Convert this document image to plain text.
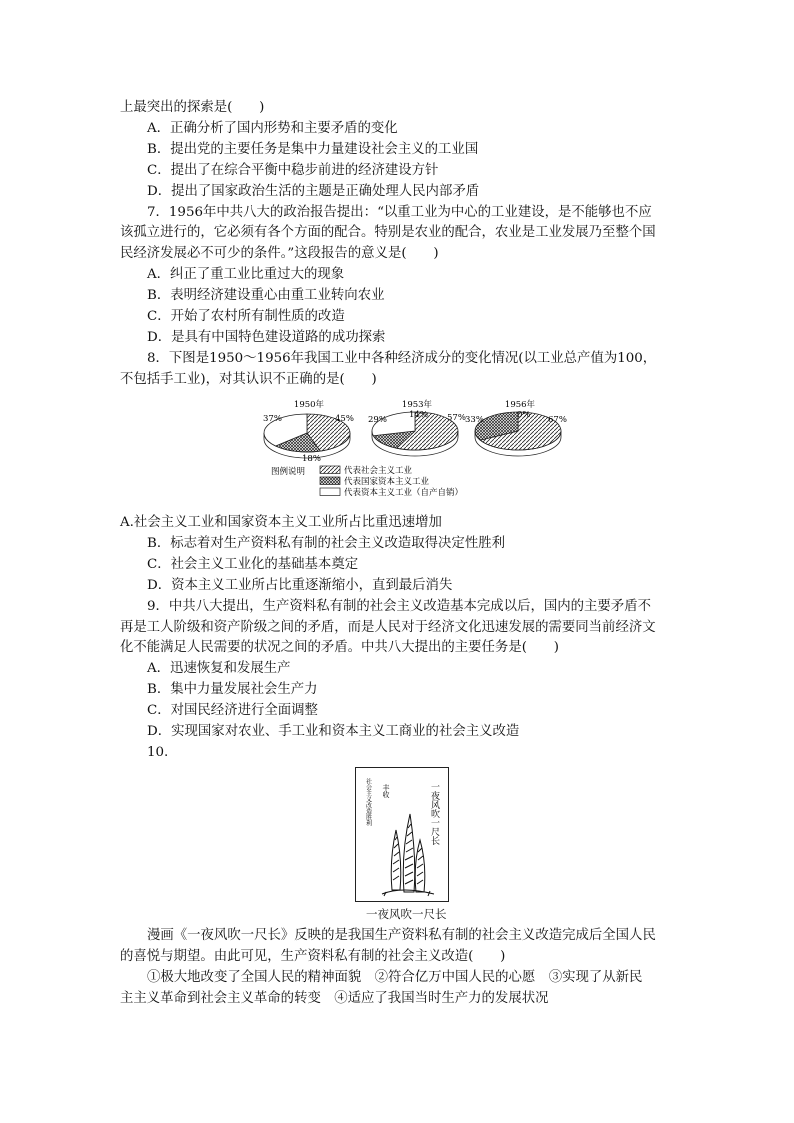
上最突出的探索是(　　)
A．正确分析了国内形势和主要矛盾的变化
B．提出党的主要任务是集中力量建设社会主义的工业国
C．提出了在综合平衡中稳步前进的经济建设方针
D．提出了国家政治生活的主题是正确处理人民内部矛盾
7．1956年中共八大的政治报告提出：“以重工业为中心的工业建设，是不能够也不应
该孤立进行的，它必须有各个方面的配合。特别是农业的配合，农业是工业发展乃至整个国
民经济发展必不可少的条件。”这段报告的意义是(　　)
A．纠正了重工业比重过大的现象
B．表明经济建设重心由重工业转向农业
C．开始了农村所有制性质的改造
D．是具有中国特色建设道路的成功探索
8．下图是1950～1956年我国工业中各种经济成分的变化情况(以工业总产值为100，
不包括手工业)，对其认识不正确的是(　　)
1950年
45%
18%
37%
1953年
57%
14%
29%
1956年
67%
33%	0%
图例说明	代表社会主义工业
代表国家资本主义工业
代表资本主义工业（自产自销）
A.社会主义工业和国家资本主义工业所占比重迅速增加
B．标志着对生产资料私有制的社会主义改造取得决定性胜利
C．社会主义工业化的基础基本奠定
D．资本主义工业所占比重逐渐缩小，直到最后消失
9．中共八大提出，生产资料私有制的社会主义改造基本完成以后，国内的主要矛盾不
再是工人阶级和资产阶级之间的矛盾，而是人民对于经济文化迅速发展的需要同当前经济文
化不能满足人民需要的状况之间的矛盾。中共八大提出的主要任务是(　　)
A．迅速恢复和发展生产
B．集中力量发展社会生产力
C．对国民经济进行全面调整
D．实现国家对农业、手工业和资本主义工商业的社会主义改造
10.
一夜风吹一尺长
社会主义改造胜利 丰收
一夜风吹一尺长
漫画《一夜风吹一尺长》反映的是我国生产资料私有制的社会主义改造完成后全国人民
的喜悦与期望。由此可见，生产资料私有制的社会主义改造(　　)
①极大地改变了全国人民的精神面貌　②符合亿万中国人民的心愿　③实现了从新民
主主义革命到社会主义革命的转变　④适应了我国当时生产力的发展状况
